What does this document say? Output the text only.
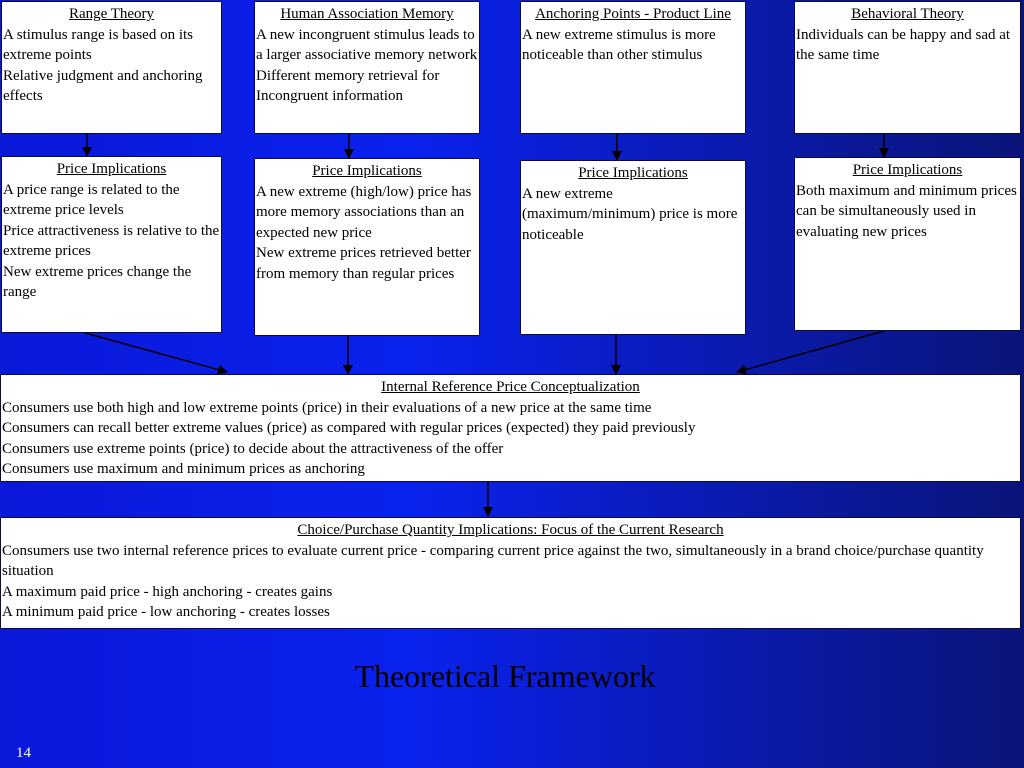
Range Theory
A stimulus range is based on its extreme points
Relative judgment and anchoring effects
Human Association Memory
A new incongruent stimulus leads to a larger associative memory network
Different memory retrieval for Incongruent information
Anchoring Points - Product Line
A new extreme stimulus is more noticeable than other stimulus
Behavioral Theory
Individuals can be happy and sad at the same time
Price Implications
A price range is related to the extreme price levels
Price attractiveness is relative to the extreme prices
New extreme prices change the range
Price Implications
A new extreme (high/low) price has more memory associations than an expected new price
New extreme prices retrieved better from memory than regular prices
Price Implications
A new extreme (maximum/minimum) price is more noticeable
Price Implications
Both maximum and minimum prices can be simultaneously used in evaluating new prices
Internal Reference Price Conceptualization
Consumers use both high and low extreme points (price) in their evaluations of a new price at the same time
Consumers can recall better extreme values (price) as compared with regular prices (expected) they paid previously
Consumers use extreme points (price) to decide about the attractiveness of the offer
Consumers use maximum and minimum prices as anchoring
Choice/Purchase Quantity Implications: Focus of the Current Research
Consumers use two internal reference prices to evaluate current price - comparing current price against the two, simultaneously in a brand choice/purchase quantity situation
A maximum paid price - high anchoring - creates gains
A minimum paid price - low anchoring - creates losses
Theoretical Framework
14
